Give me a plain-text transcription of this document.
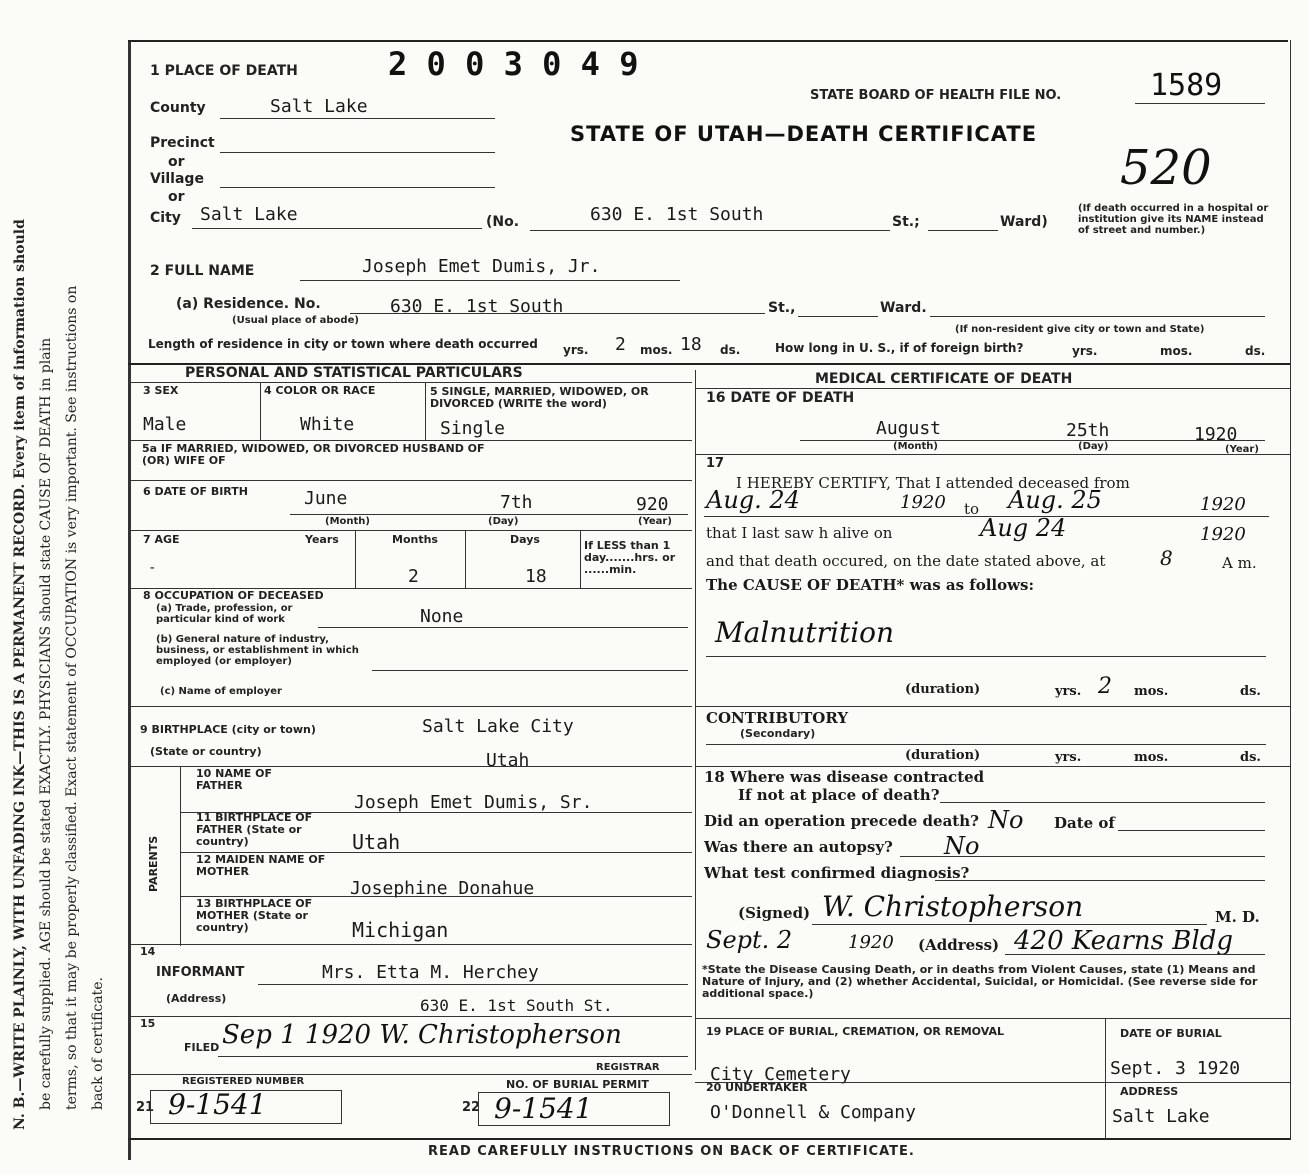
N. B.—WRITE PLAINLY, WITH UNFADING INK—THIS IS A PERMANENT RECORD. Every item of information should be carefully supplied. AGE should be stated EXACTLY. PHYSICIANS should state CAUSE OF DEATH in plain terms, so that it may be properly classified. Exact statement of OCCUPATION is very important. See instructions on back of certificate.
1 PLACE OF DEATH	2 0 0 3 0 4 9
STATE BOARD OF HEALTH FILE NO.	1589
STATE OF UTAH—DEATH CERTIFICATE
520
(If death occurred in a hospital or institution give its NAME instead of street and number.)
County	Salt Lake
Precinct
or
Village
or
City Salt Lake	(No.	630 E. 1st South	St.;	Ward)
2 FULL NAME	Joseph Emet Dumis, Jr.
(a) Residence. No.	630 E. 1st South
(Usual place of abode)
St.,	Ward.
(If non-resident give city or town and State)
Length of residence in city or town where death occurred yrs. 2 mos. 18 ds.	How long in U. S., if of foreign birth?	yrs.	mos.	ds.
PERSONAL AND STATISTICAL PARTICULARS
3 SEX	4 COLOR OR RACE	5 SINGLE, MARRIED, WIDOWED, OR DIVORCED (WRITE the word)
Male	White	Single
5a IF MARRIED, WIDOWED, OR DIVORCED HUSBAND OF (OR) WIFE OF
6 DATE OF BIRTH	June	7th	920
(Month)	(Day)	(Year)
7 AGE	Years	Months	Days	If LESS than 1 day.......hrs. or ......min.
-	2	18
8 OCCUPATION OF DECEASED
(a) Trade, profession, or particular kind of work	None
(b) General nature of industry, business, or establishment in which employed (or employer)
(c) Name of employer
9 BIRTHPLACE (city or town)	Salt Lake City
(State or country)	Utah
PARENTS
10 NAME OF FATHER
Joseph Emet Dumis, Sr.
11 BIRTHPLACE OF FATHER (State or country)	Utah
12 MAIDEN NAME OF MOTHER
Josephine Donahue
13 BIRTHPLACE OF MOTHER (State or country)	Michigan
14
INFORMANT	Mrs. Etta M. Herchey
(Address)	630 E. 1st South St.
15
FILED Sep 1 1920 W. Christopherson
REGISTRAR
REGISTERED NUMBER	NO. OF BURIAL PERMIT
21 9-1541	22 9-1541
MEDICAL CERTIFICATE OF DEATH
16 DATE OF DEATH
August	25th	1920
(Month)	(Day)	(Year)
17
I HEREBY CERTIFY, That I attended deceased from
Aug. 24	1920 to Aug. 25	1920
that I last saw h alive on	Aug 24	1920
and that death occured, on the date stated above, at	8	A m.
The CAUSE OF DEATH* was as follows:
Malnutrition
(duration)	yrs. 2 mos.	ds.
CONTRIBUTORY
(Secondary)
(duration)	yrs.	mos.	ds.
18 Where was disease contracted
If not at place of death?
Did an operation precede death? No Date of
Was there an autopsy? No
What test confirmed diagnosis?
(Signed) W. Christopherson	M. D.
Sept. 2	1920 (Address) 420 Kearns Bldg
*State the Disease Causing Death, or in deaths from Violent Causes, state (1) Means and Nature of Injury, and (2) whether Accidental, Suicidal, or Homicidal. (See reverse side for additional space.)
19 PLACE OF BURIAL, CREMATION, OR REMOVAL	DATE OF BURIAL
City Cemetery	Sept. 3 1920
20 UNDERTAKER	ADDRESS
O'Donnell & Company	Salt Lake
READ CAREFULLY INSTRUCTIONS ON BACK OF CERTIFICATE.
